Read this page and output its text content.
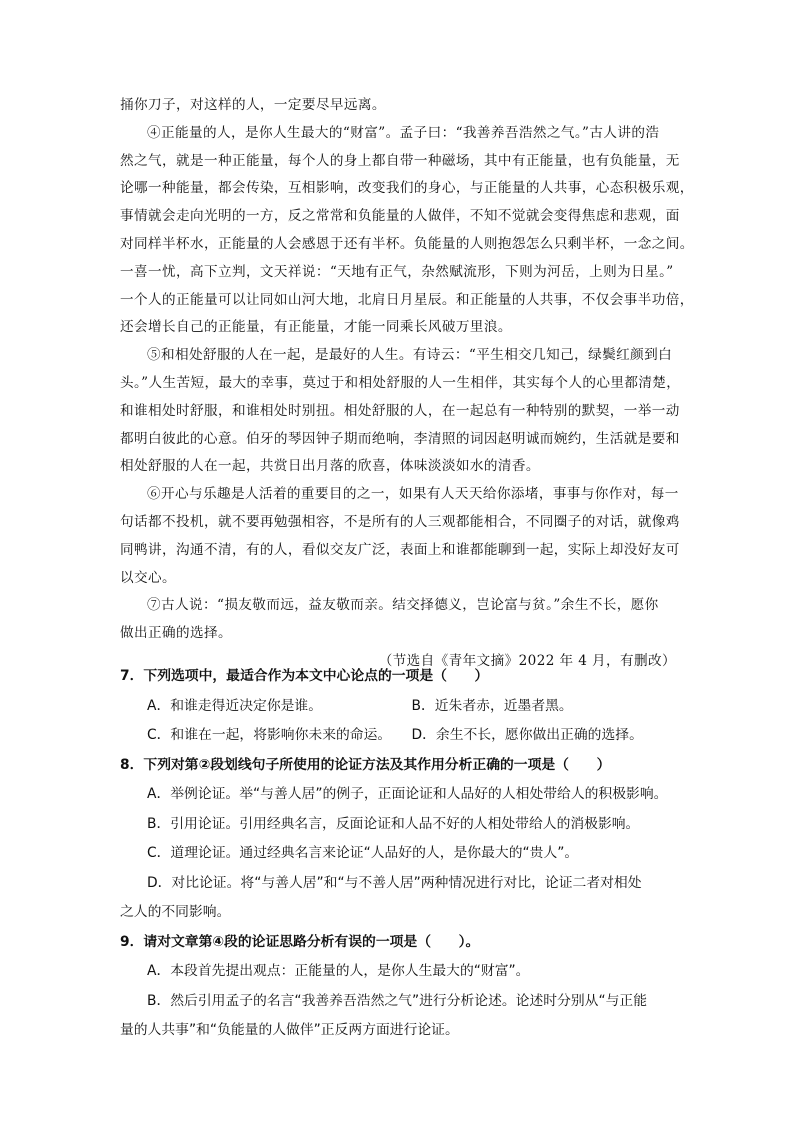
捅你刀子，对这样的人，一定要尽早远离。
④正能量的人，是你人生最大的“财富”。孟子曰：“我善养吾浩然之气。”古人讲的浩
然之气，就是一种正能量，每个人的身上都自带一种磁场，其中有正能量，也有负能量，无
论哪一种能量，都会传染，互相影响，改变我们的身心，与正能量的人共事，心态积极乐观，
事情就会走向光明的一方，反之常常和负能量的人做伴，不知不觉就会变得焦虑和悲观，面
对同样半杯水，正能量的人会感恩于还有半杯。负能量的人则抱怨怎么只剩半杯，一念之间。
一喜一忧，高下立判，文天祥说：“天地有正气，杂然赋流形，下则为河岳，上则为日星。”
一个人的正能量可以让同如山河大地，北肩日月星辰。和正能量的人共事，不仅会事半功倍，
还会增长自己的正能量，有正能量，才能一同乘长风破万里浪。
⑤和相处舒服的人在一起，是最好的人生。有诗云：“平生相交几知己，绿鬓红颜到白
头。”人生苦短，最大的幸事，莫过于和相处舒服的人一生相伴，其实每个人的心里都清楚，
和谁相处时舒服，和谁相处时别扭。相处舒服的人，在一起总有一种特别的默契，一举一动
都明白彼此的心意。伯牙的琴因钟子期而绝响，李清照的词因赵明诚而婉约，生活就是要和
相处舒服的人在一起，共赏日出月落的欣喜，体味淡淡如水的清香。
⑥开心与乐趣是人活着的重要目的之一，如果有人天天给你添堵，事事与你作对，每一
句话都不投机，就不要再勉强相容，不是所有的人三观都能相合，不同圈子的对话，就像鸡
同鸭讲，沟通不清，有的人，看似交友广泛，表面上和谁都能聊到一起，实际上却没好友可
以交心。
⑦古人说：“损友敬而远，益友敬而亲。结交择德义，岂论富与贫。”余生不长，愿你
做出正确的选择。
（节选自《青年文摘》2022 年 4 月，有删改）
7．下列选项中，最适合作为本文中心论点的一项是（　　）
A．和谁走得近决定你是谁。	B．近朱者赤，近墨者黑。
C．和谁在一起，将影响你未来的命运。	D．余生不长，愿你做出正确的选择。
8．下列对第②段划线句子所使用的论证方法及其作用分析正确的一项是（　　）
A．举例论证。举“与善人居”的例子，正面论证和人品好的人相处带给人的积极影响。
B．引用论证。引用经典名言，反面论证和人品不好的人相处带给人的消极影响。
C．道理论证。通过经典名言来论证“人品好的人，是你最大的“贵人”。
D．对比论证。将“与善人居”和“与不善人居”两种情况进行对比，论证二者对相处
之人的不同影响。
9．请对文章第④段的论证思路分析有误的一项是（　　）。
A．本段首先提出观点：正能量的人，是你人生最大的“财富”。
B．然后引用孟子的名言“我善养吾浩然之气”进行分析论述。论述时分别从“与正能
量的人共事”和“负能量的人做伴”正反两方面进行论证。
